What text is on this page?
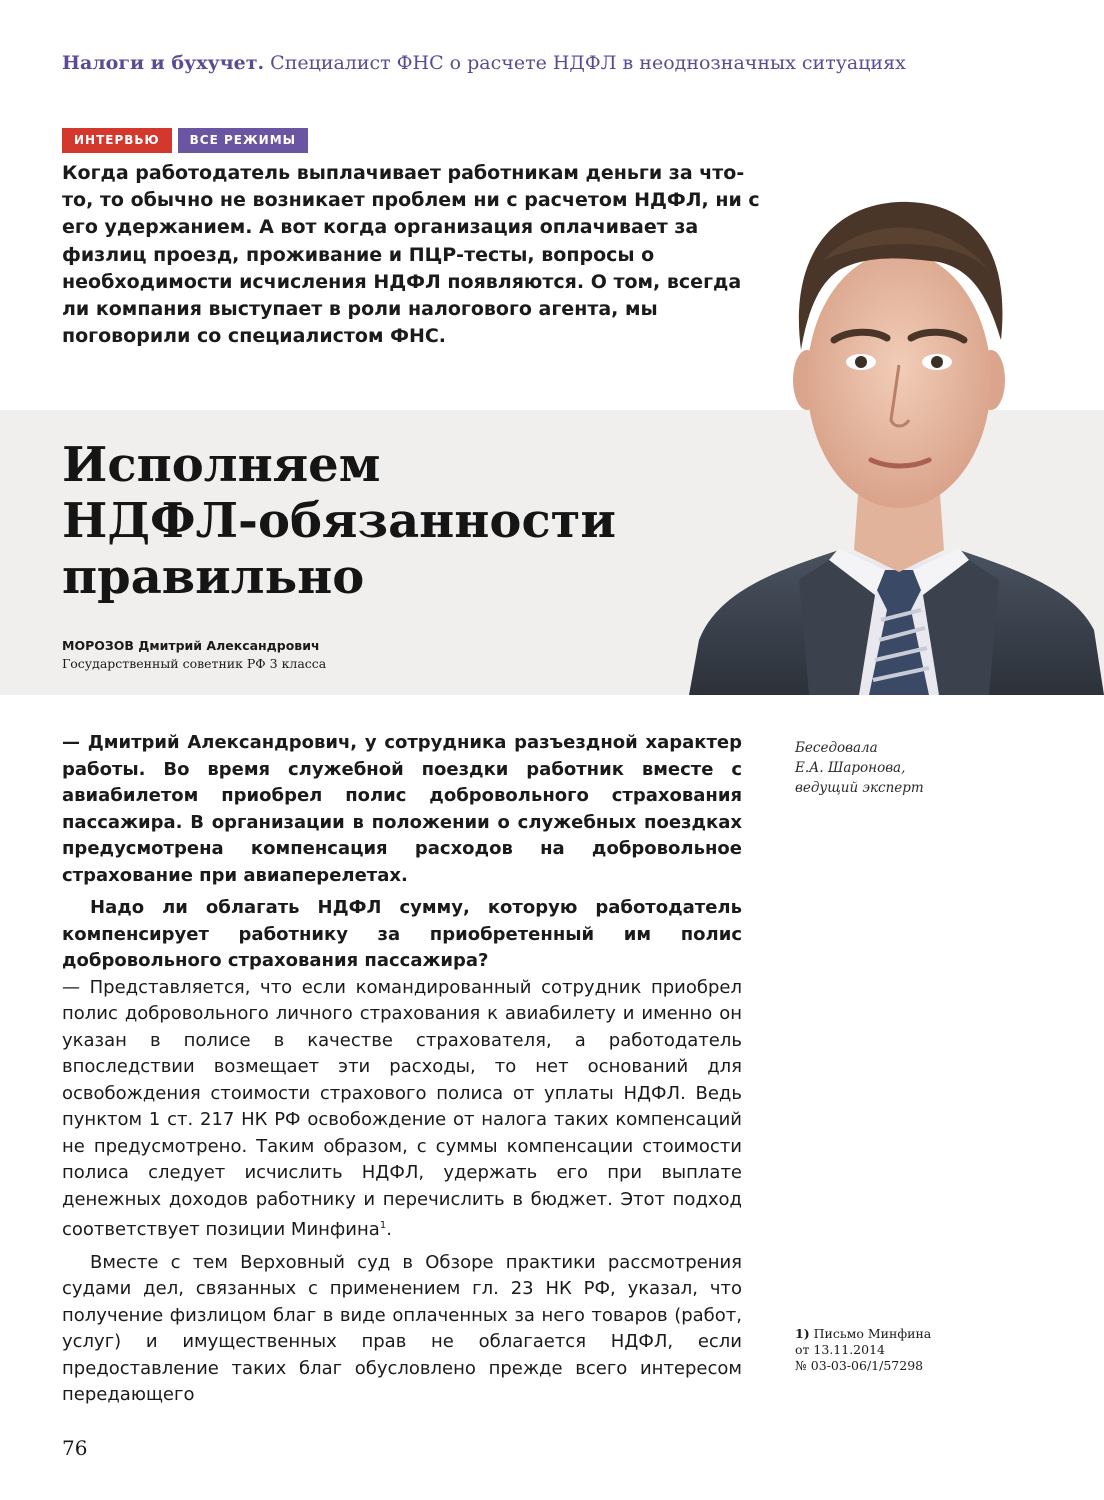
Налоги и бухучет. Специалист ФНС о расчете НДФЛ в неоднозначных ситуациях
ИНТЕРВЬЮ	ВСЕ РЕЖИМЫ
Когда работодатель выплачивает работникам деньги за что-то, то обычно не возникает проблем ни с расчетом НДФЛ, ни с его удержанием. А вот когда организация оплачивает за физлиц проезд, проживание и ПЦР-тесты, вопросы о необходимости исчисления НДФЛ появляются. О том, всегда ли компания выступает в роли налогового агента, мы поговорили со специалистом ФНС.
Исполняем
НДФЛ-обязанности
правильно
МОРОЗОВ Дмитрий Александрович
Государственный советник РФ 3 класса

— Дмитрий Александрович, у сотрудника разъездной характер работы. Во время служебной поездки работник вместе с авиабилетом приобрел полис добровольного страхования пассажира. В организации в положении о служебных поездках предусмотрена компенсация расходов на добровольное страхование при авиаперелетах.

Надо ли облагать НДФЛ сумму, которую работодатель компенсирует работнику за приобретенный им полис добровольного страхования пассажира?

— Представляется, что если командированный сотрудник приобрел полис добровольного личного страхования к авиабилету и именно он указан в полисе в качестве страхователя, а работодатель впоследствии возмещает эти расходы, то нет оснований для освобождения стоимости страхового полиса от уплаты НДФЛ. Ведь пунктом 1 ст. 217 НК РФ освобождение от налога таких компенсаций не предусмотрено. Таким образом, с суммы компенсации стоимости полиса следует исчислить НДФЛ, удержать его при выплате денежных доходов работнику и перечислить в бюджет. Этот подход соответствует позиции Минфина$^1$.

Вместе с тем Верховный суд в Обзоре практики рассмотрения судами дел, связанных с применением гл. 23 НК РФ, указал, что получение физлицом благ в виде оплаченных за него товаров (работ, услуг) и имущественных прав не облагается НДФЛ, если предоставление таких благ обусловлено прежде всего интересом передающего

Беседовала
Е.А. Шаронова,
ведущий эксперт
1) Письмо Минфина
от 13.11.2014
№ 03-03-06/1/57298
76
